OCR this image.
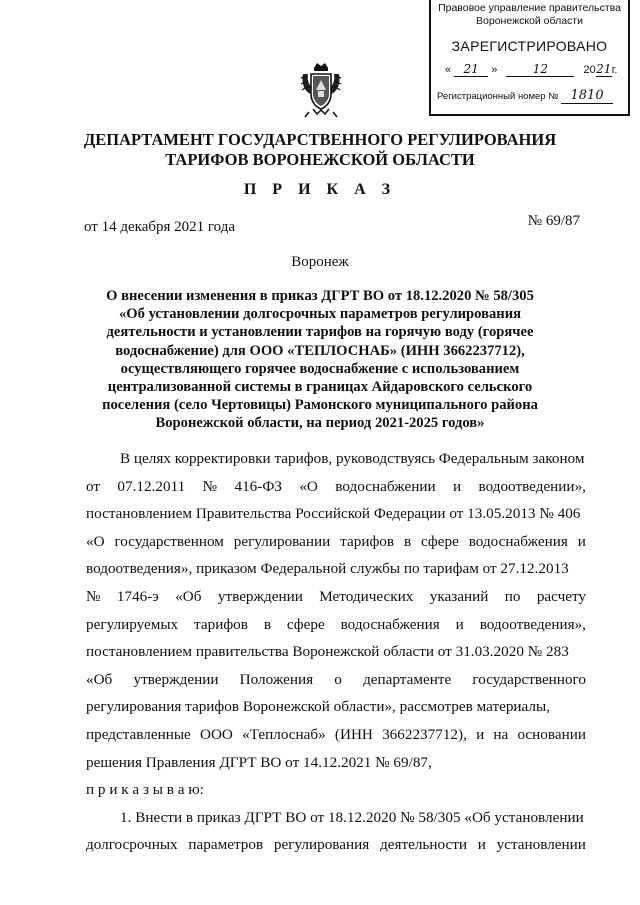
Правовое управление правительства
Воронежской области
ЗАРЕГИСТРИРОВАНО
« 21 »	12	2021г.
Регистрационный номер № 1810
ДЕПАРТАМЕНТ ГОСУДАРСТВЕННОГО РЕГУЛИРОВАНИЯ
ТАРИФОВ ВОРОНЕЖСКОЙ ОБЛАСТИ
П Р И К А З
от 14 декабря 2021 года	№ 69/87
Воронеж
О внесении изменения в приказ ДГРТ ВО от 18.12.2020 № 58/305
«Об установлении долгосрочных параметров регулирования
деятельности и установлении тарифов на горячую воду (горячее
водоснабжение) для ООО «ТЕПЛОСНАБ» (ИНН 3662237712),
осуществляющего горячее водоснабжение с использованием
централизованной системы в границах Айдаровского сельского
поселения (село Чертовицы) Рамонского муниципального района
Воронежской области, на период 2021-2025 годов»
В целях корректировки тарифов, руководствуясь Федеральным законом
от 07.12.2011 № 416-ФЗ «О водоснабжении и водоотведении»,
постановлением Правительства Российской Федерации от 13.05.2013 № 406
«О государственном регулировании тарифов в сфере водоснабжения и
водоотведения», приказом Федеральной службы по тарифам от 27.12.2013
№ 1746-э «Об утверждении Методических указаний по расчету
регулируемых тарифов в сфере водоснабжения и водоотведения»,
постановлением правительства Воронежской области от 31.03.2020 № 283
«Об утверждении Положения о департаменте государственного
регулирования тарифов Воронежской области», рассмотрев материалы,
представленные ООО «Теплоснаб» (ИНН 3662237712), и на основании
решения Правления ДГРТ ВО от 14.12.2021 № 69/87,
п р и к а з ы в а ю:
1. Внести в приказ ДГРТ ВО от 18.12.2020 № 58/305 «Об установлении
долгосрочных параметров регулирования деятельности и установлении
